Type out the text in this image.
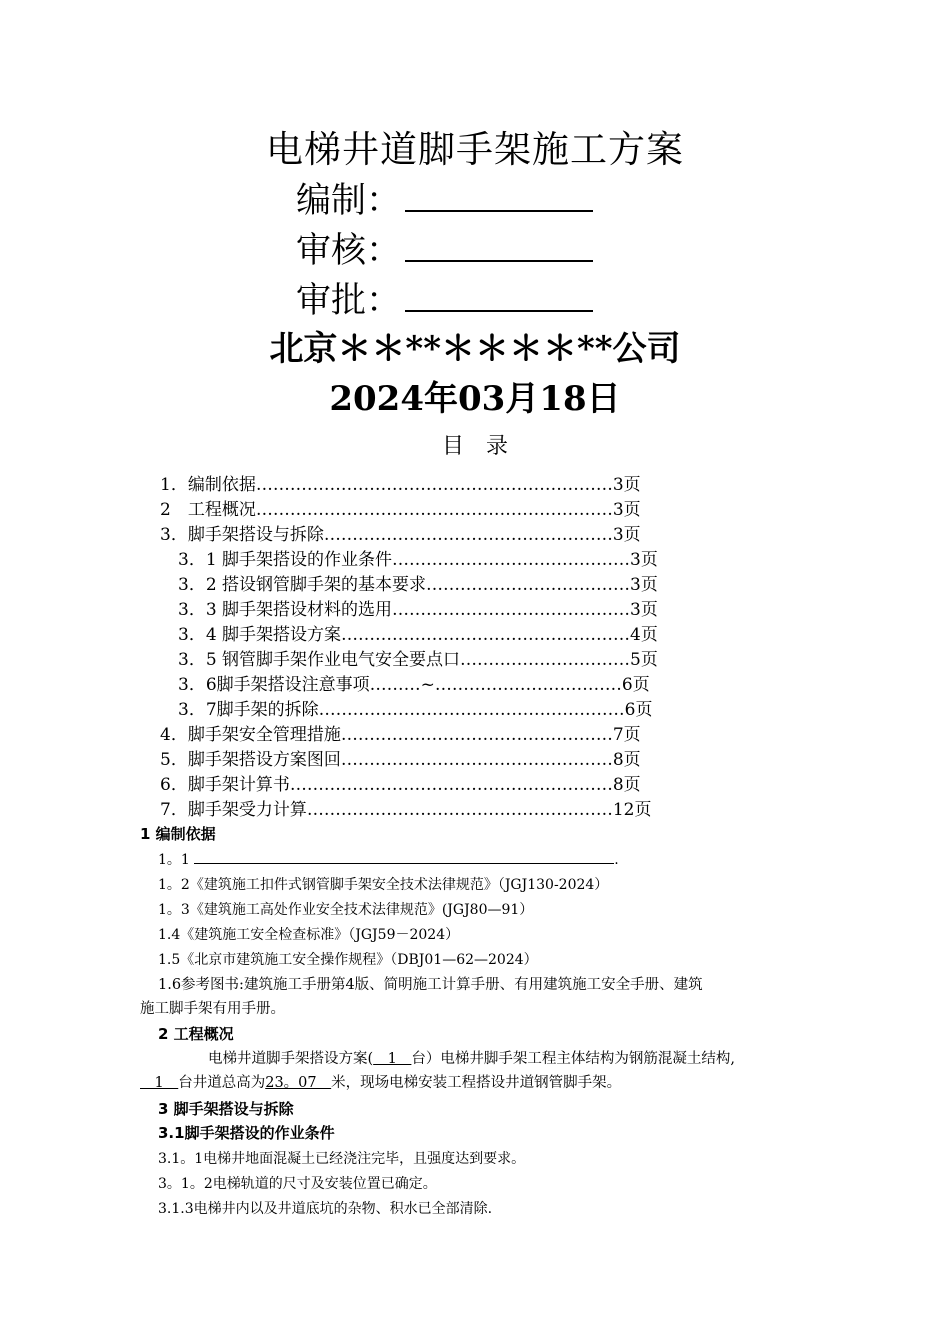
电梯井道脚手架施工方案
编制：
审核：
审批：
北京＊＊**＊＊＊＊**公司
2024年03月18日
目　录
1．编制依据………………………………………………………3页
2　工程概况………………………………………………………3页
3．脚手架搭设与拆除……………………………………………3页
3．1 脚手架搭设的作业条件……………………………………3页
3．2 搭设钢管脚手架的基本要求………………………………3页
3．3 脚手架搭设材料的选用……………………………………3页
3．4 脚手架搭设方案……………………………………………4页
3．5 钢管脚手架作业电气安全要点口…………………………5页
3．6脚手架搭设注意事项………~……………………………6页
3．7脚手架的拆除………………………………………………6页
4．脚手架安全管理措施…………………………………………7页
5．脚手架搭设方案图回…………………………………………8页
6．脚手架计算书…………………………………………………8页
7．脚手架受力计算………………………………………………12页
1 编制依据
1。1	.
1。2《建筑施工扣件式钢管脚手架安全技术法律规范》（JGJ130-2024）
1。3《建筑施工高处作业安全技术法律规范》(JGJ80—91）
1.4《建筑施工安全检查标准》（JGJ59－2024）
1.5《北京市建筑施工安全操作规程》（DBJ01—62—2024）
1.6参考图书:建筑施工手册第4版、简明施工计算手册、有用建筑施工安全手册、建筑
施工脚手架有用手册。
2 工程概况
电梯井道脚手架搭设方案(　1　台）电梯井脚手架工程主体结构为钢筋混凝土结构,
　1　台井道总高为23。07　米，现场电梯安装工程搭设井道钢管脚手架。
3 脚手架搭设与拆除
3.1脚手架搭设的作业条件
3.1。1电梯井地面混凝土已经浇注完毕，且强度达到要求。
3。1。2电梯轨道的尺寸及安装位置已确定。
3.1.3电梯井内以及井道底坑的杂物、积水已全部清除.
